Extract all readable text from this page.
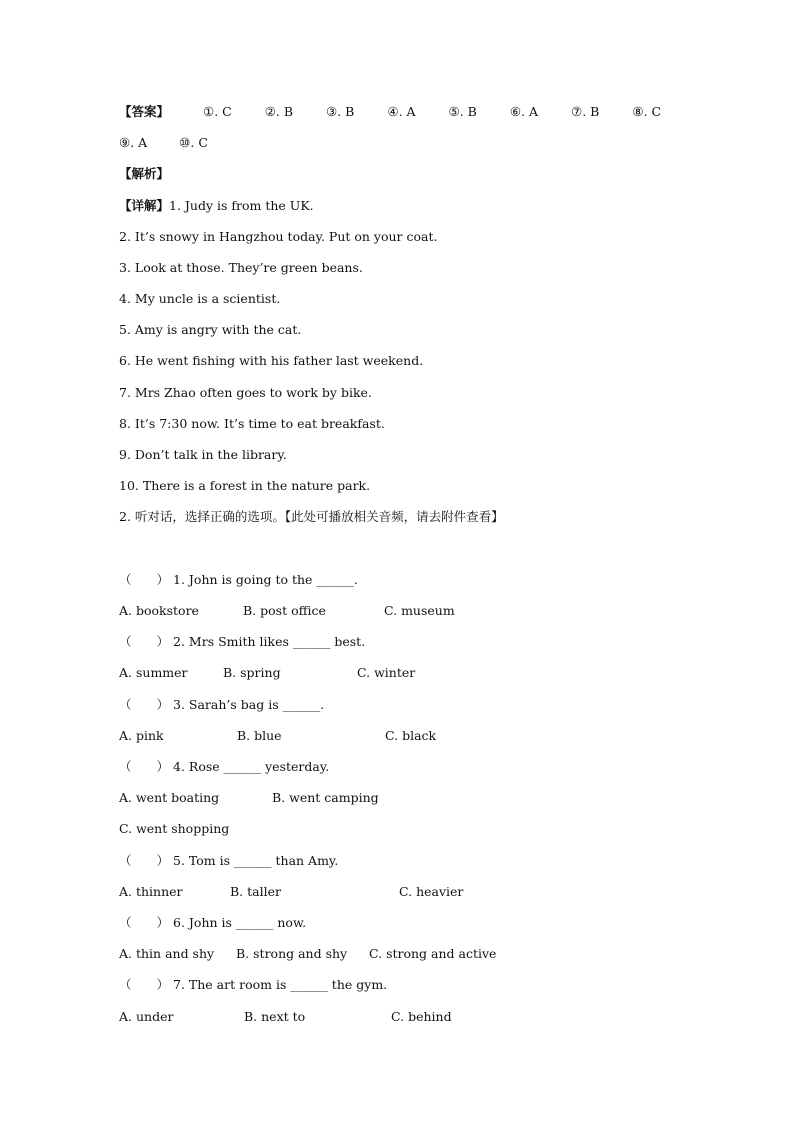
【答案】	①. C	②. B	③. B	④. A	⑤. B	⑥. A	⑦. B	⑧. C
⑨. A	⑩. C
【解析】
【详解】1. Judy is from the UK.
2. It’s snowy in Hangzhou today. Put on your coat.
3. Look at those. They’re green beans.
4. My uncle is a scientist.
5. Amy is angry with the cat.
6. He went fishing with his father last weekend.
7. Mrs Zhao often goes to work by bike.
8. It’s 7:30 now. It’s time to eat breakfast.
9. Don’t talk in the library.
10. There is a forest in the nature park.
2. 听对话，选择正确的选项。【此处可播放相关音频，请去附件查看】
（　　） 1. John is going to the ______.
A. bookstore	B. post office	C. museum
（　　） 2. Mrs Smith likes ______ best.
A. summer	B. spring	C. winter
（　　） 3. Sarah’s bag is ______.
A. pink	B. blue	C. black
（　　） 4. Rose ______ yesterday.
A. went boating	B. went camping
C. went shopping
（　　） 5. Tom is ______ than Amy.
A. thinner	B. taller	C. heavier
（　　） 6. John is ______ now.
A. thin and shy B. strong and shy C. strong and active
（　　） 7. The art room is ______ the gym.
A. under	B. next to	C. behind
